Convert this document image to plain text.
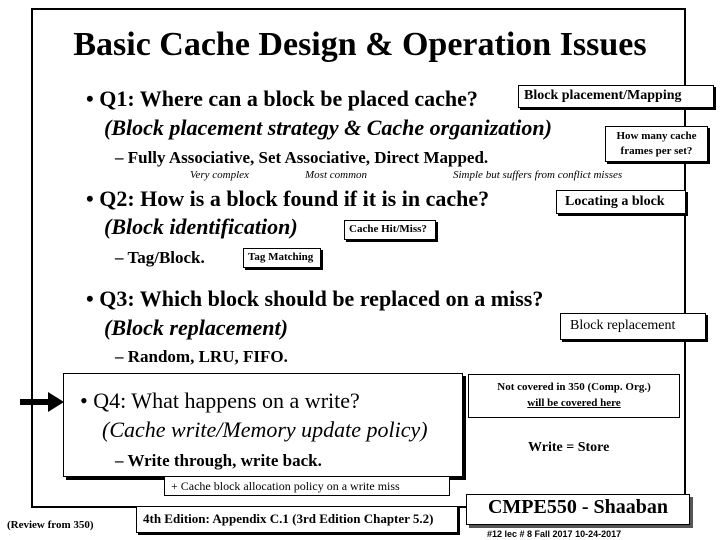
Basic Cache Design & Operation Issues
• Q1: Where can a block be placed cache?	Block placement/Mapping
(Block placement strategy & Cache organization)	How many cache
frames per set?
– Fully Associative, Set Associative, Direct Mapped.
Very complex	Most common	Simple but suffers from conflict misses
• Q2: How is a block found if it is in cache?	Locating a block
(Block identification)	Cache Hit/Miss?
– Tag/Block.	Tag Matching
• Q3: Which block should be replaced on a miss?
(Block replacement)	Block replacement
– Random, LRU, FIFO.
• Q4: What happens on a write?
(Cache write/Memory update policy)
– Write through, write back.
Not covered in 350 (Comp. Org.)
will be covered here
Write = Store
+ Cache block allocation policy on a write miss
(Review from 350)	4th Edition: Appendix C.1 (3rd Edition Chapter 5.2)
CMPE550 - Shaaban
#12 lec # 8 Fall 2017 10-24-2017
